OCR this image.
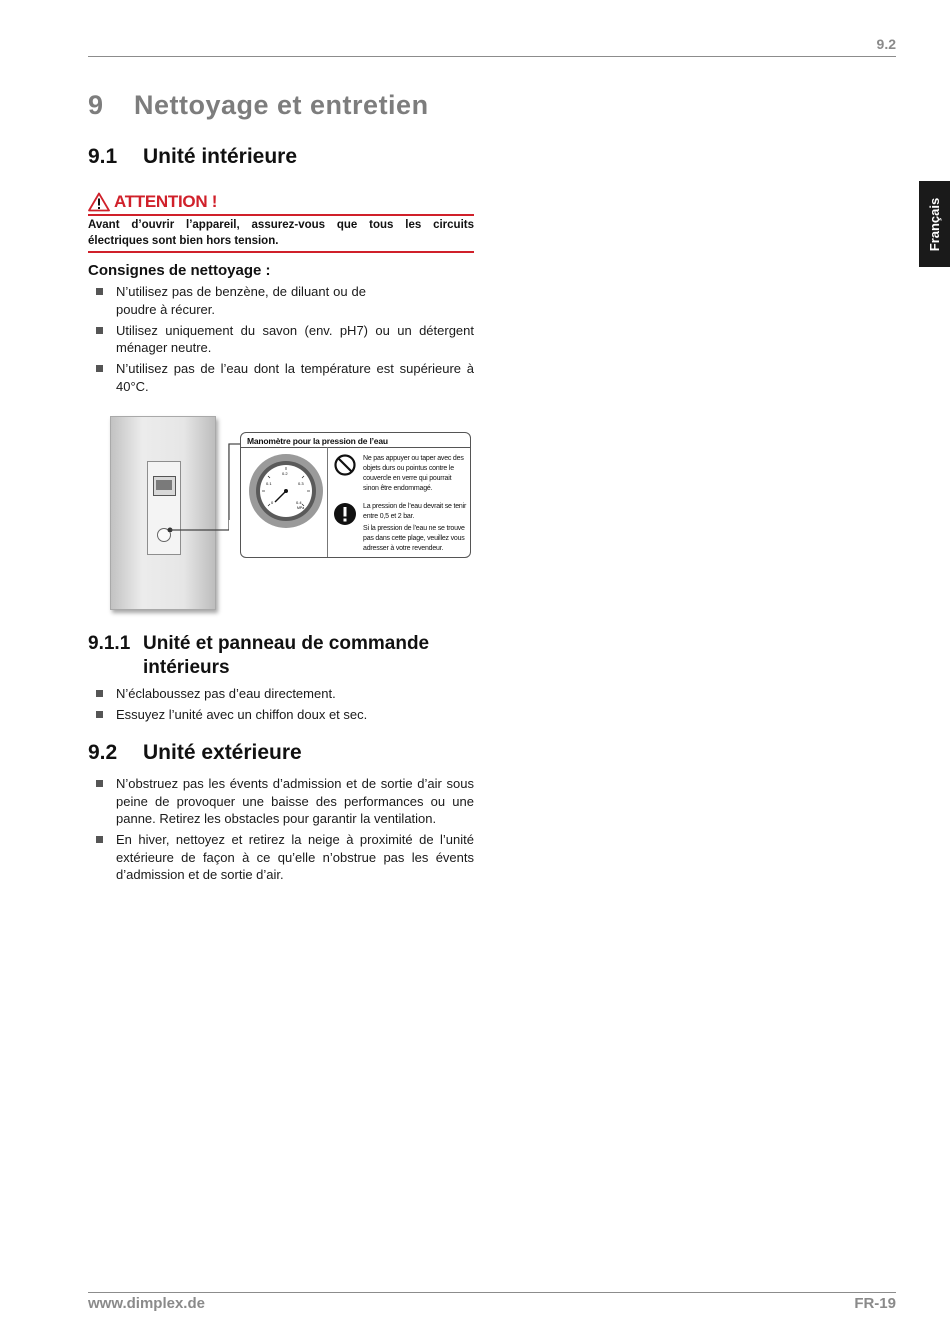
9.2
Français
9 Nettoyage et entretien
9.1 Unité intérieure
ATTENTION !
Avant d’ouvrir l’appareil, assurez-vous que tous les circuits électriques sont bien hors tension.
Consignes de nettoyage :
N’utilisez pas de benzène, de diluant ou de poudre à récurer.
Utilisez uniquement du savon (env. pH7) ou un détergent ménager neutre.
N’utilisez pas de l’eau dont la température est supérieure à 40°C.
Manomètre pour la pression de l’eau
0
0.1
0.2
0.3
0.4
MPa
Ne pas appuyer ou taper avec des objets durs ou pointus contre le couvercle en verre qui pourrait sinon être endommagé.
La pression de l’eau devrait se tenir entre 0,5 et 2 bar.
Si la pression de l’eau ne se trouve pas dans cette plage, veuillez vous adresser à votre revendeur.
9.1.1 Unité et panneau de commande
intérieurs
N’éclaboussez pas d’eau directement.
Essuyez l’unité avec un chiffon doux et sec.
9.2 Unité extérieure
N’obstruez pas les évents d’admission et de sortie d’air sous peine de provoquer une baisse des performances ou une panne. Retirez les obstacles pour garantir la ventilation.
En hiver, nettoyez et retirez la neige à proximité de l’unité extérieure de façon à ce qu’elle n’obstrue pas les évents d’admission et de sortie d’air.
www.dimplex.de	FR-19
